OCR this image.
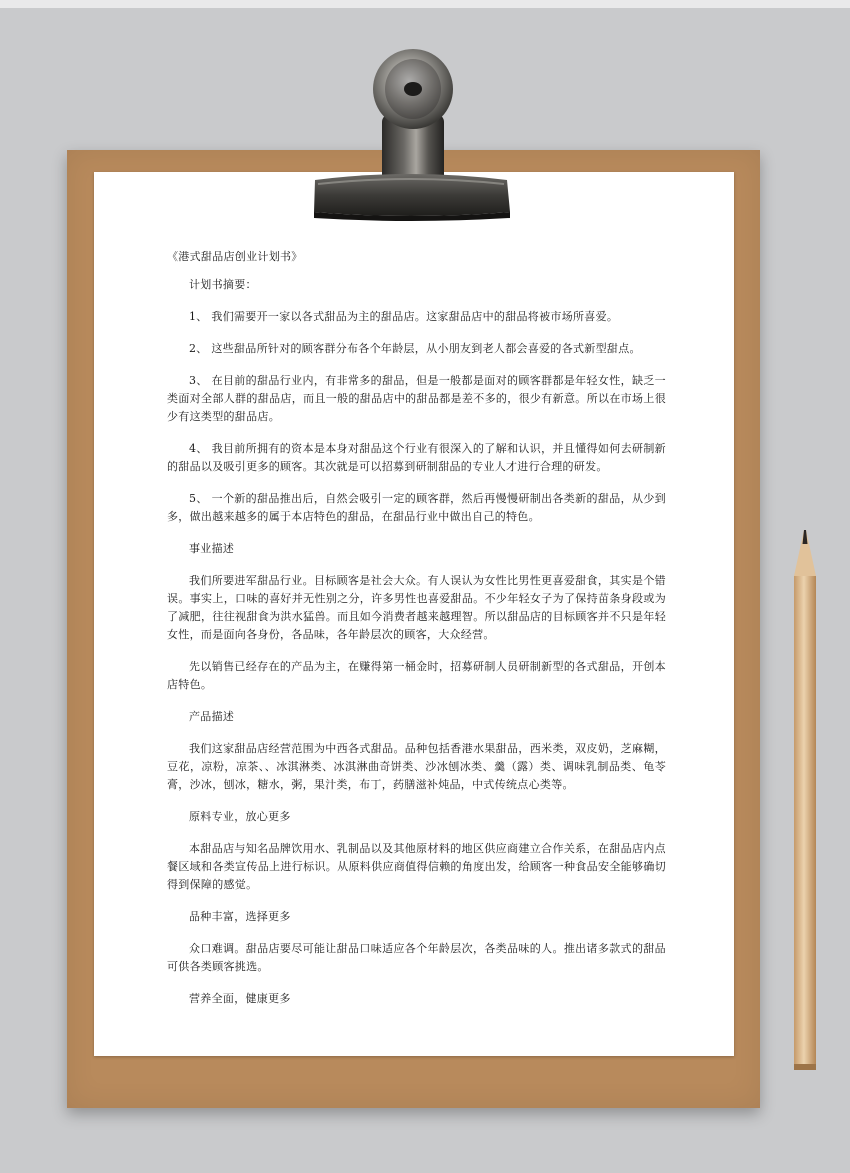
《港式甜品店创业计划书》
计划书摘要：
1、 我们需要开一家以各式甜品为主的甜品店。这家甜品店中的甜品将被市场所喜爱。
2、 这些甜品所针对的顾客群分布各个年龄层，从小朋友到老人都会喜爱的各式新型甜点。
3、 在目前的甜品行业内，有非常多的甜品，但是一般都是面对的顾客群都是年轻女性，缺乏一类面对全部人群的甜品店，而且一般的甜品店中的甜品都是差不多的，很少有新意。所以在市场上很少有这类型的甜品店。
4、 我目前所拥有的资本是本身对甜品这个行业有很深入的了解和认识，并且懂得如何去研制新的甜品以及吸引更多的顾客。其次就是可以招募到研制甜品的专业人才进行合理的研发。
5、 一个新的甜品推出后，自然会吸引一定的顾客群，然后再慢慢研制出各类新的甜品，从少到多，做出越来越多的属于本店特色的甜品，在甜品行业中做出自己的特色。
事业描述
我们所要进军甜品行业。目标顾客是社会大众。有人误认为女性比男性更喜爱甜食，其实是个错误。事实上，口味的喜好并无性别之分，许多男性也喜爱甜品。不少年轻女子为了保持苗条身段或为了减肥，往往视甜食为洪水猛兽。而且如今消费者越来越理智。所以甜品店的目标顾客并不只是年轻女性，而是面向各身份，各品味，各年龄层次的顾客，大众经营。
先以销售已经存在的产品为主，在赚得第一桶金时，招募研制人员研制新型的各式甜品，开创本店特色。
产品描述
我们这家甜品店经营范围为中西各式甜品。品种包括香港水果甜品，西米类，双皮奶，芝麻糊，豆花，凉粉，凉茶、、冰淇淋类、冰淇淋曲奇饼类、沙冰刨冰类、羹（露）类、调味乳制品类、龟苓膏，沙冰，刨冰，糖水，粥，果汁类，布丁，药膳滋补炖品，中式传统点心类等。
原料专业，放心更多
本甜品店与知名品牌饮用水、乳制品以及其他原材料的地区供应商建立合作关系，在甜品店内点餐区域和各类宣传品上进行标识。从原料供应商值得信赖的角度出发，给顾客一种食品安全能够确切得到保障的感觉。
品种丰富，选择更多
众口难调。甜品店要尽可能让甜品口味适应各个年龄层次，各类品味的人。推出诸多款式的甜品可供各类顾客挑选。
营养全面，健康更多
